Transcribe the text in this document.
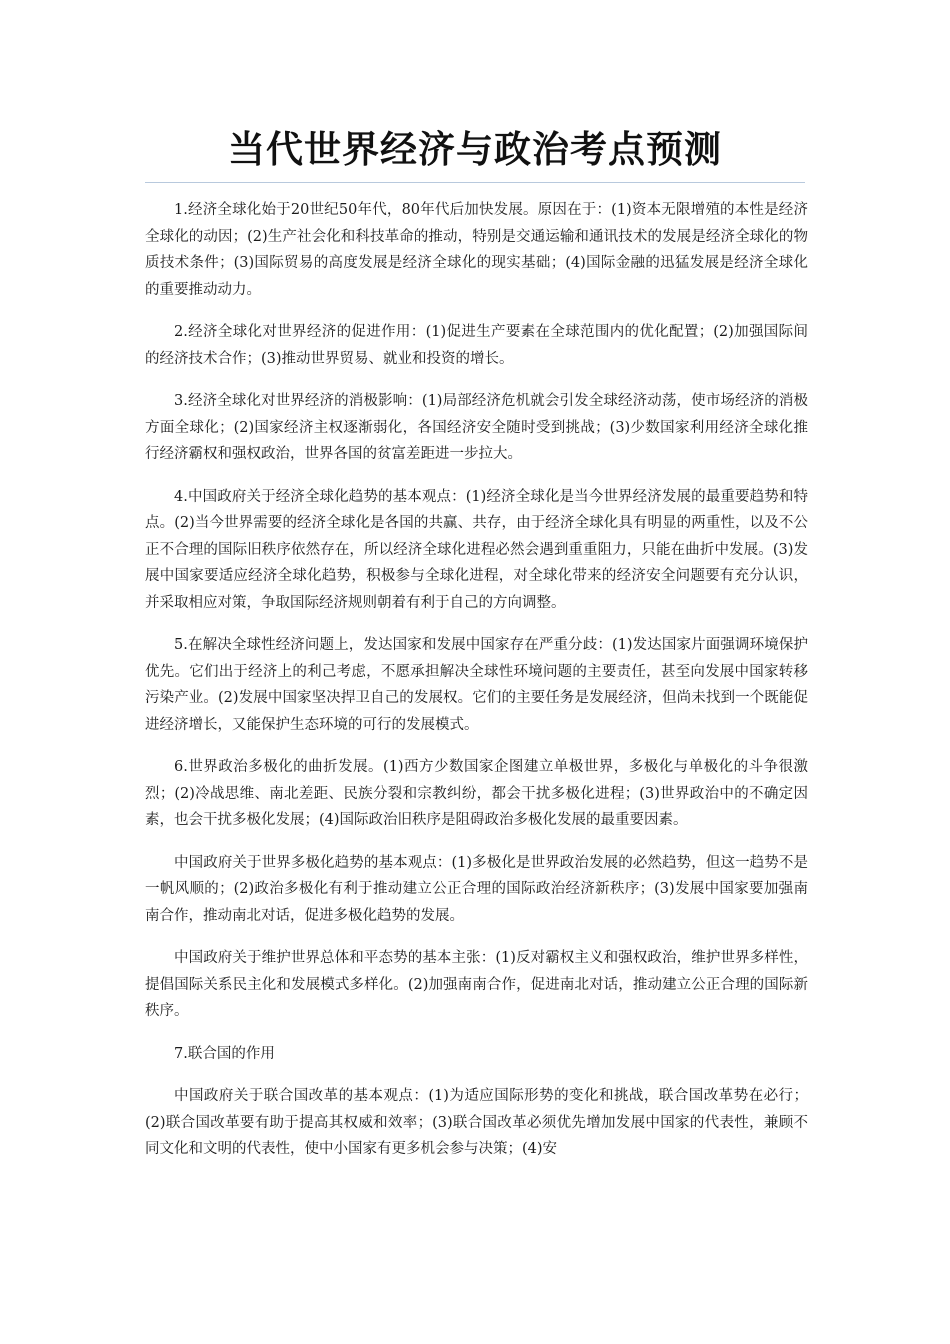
当代世界经济与政治考点预测

1.经济全球化始于20世纪50年代，80年代后加快发展。原因在于：(1)资本无限增殖的本性是经济全球化的动因；(2)生产社会化和科技革命的推动，特别是交通运输和通讯技术的发展是经济全球化的物质技术条件；(3)国际贸易的高度发展是经济全球化的现实基础；(4)国际金融的迅猛发展是经济全球化的重要推动动力。

2.经济全球化对世界经济的促进作用：(1)促进生产要素在全球范围内的优化配置；(2)加强国际间的经济技术合作；(3)推动世界贸易、就业和投资的增长。

3.经济全球化对世界经济的消极影响：(1)局部经济危机就会引发全球经济动荡，使市场经济的消极方面全球化；(2)国家经济主权逐渐弱化，各国经济安全随时受到挑战；(3)少数国家利用经济全球化推行经济霸权和强权政治，世界各国的贫富差距进一步拉大。

4.中国政府关于经济全球化趋势的基本观点：(1)经济全球化是当今世界经济发展的最重要趋势和特点。(2)当今世界需要的经济全球化是各国的共赢、共存，由于经济全球化具有明显的两重性，以及不公正不合理的国际旧秩序依然存在，所以经济全球化进程必然会遇到重重阻力，只能在曲折中发展。(3)发展中国家要适应经济全球化趋势，积极参与全球化进程，对全球化带来的经济安全问题要有充分认识，并采取相应对策，争取国际经济规则朝着有利于自己的方向调整。

5.在解决全球性经济问题上，发达国家和发展中国家存在严重分歧：(1)发达国家片面强调环境保护优先。它们出于经济上的利己考虑，不愿承担解决全球性环境问题的主要责任，甚至向发展中国家转移污染产业。(2)发展中国家坚决捍卫自己的发展权。它们的主要任务是发展经济，但尚未找到一个既能促进经济增长，又能保护生态环境的可行的发展模式。

6.世界政治多极化的曲折发展。(1)西方少数国家企图建立单极世界，多极化与单极化的斗争很激烈；(2)冷战思维、南北差距、民族分裂和宗教纠纷，都会干扰多极化进程；(3)世界政治中的不确定因素，也会干扰多极化发展；(4)国际政治旧秩序是阻碍政治多极化发展的最重要因素。

中国政府关于世界多极化趋势的基本观点：(1)多极化是世界政治发展的必然趋势，但这一趋势不是一帆风顺的；(2)政治多极化有利于推动建立公正合理的国际政治经济新秩序；(3)发展中国家要加强南南合作，推动南北对话，促进多极化趋势的发展。

中国政府关于维护世界总体和平态势的基本主张：(1)反对霸权主义和强权政治，维护世界多样性，提倡国际关系民主化和发展模式多样化。(2)加强南南合作，促进南北对话，推动建立公正合理的国际新秩序。

7.联合国的作用

中国政府关于联合国改革的基本观点：(1)为适应国际形势的变化和挑战，联合国改革势在必行；(2)联合国改革要有助于提高其权威和效率；(3)联合国改革必须优先增加发展中国家的代表性，兼顾不同文化和文明的代表性，使中小国家有更多机会参与决策；(4)安
